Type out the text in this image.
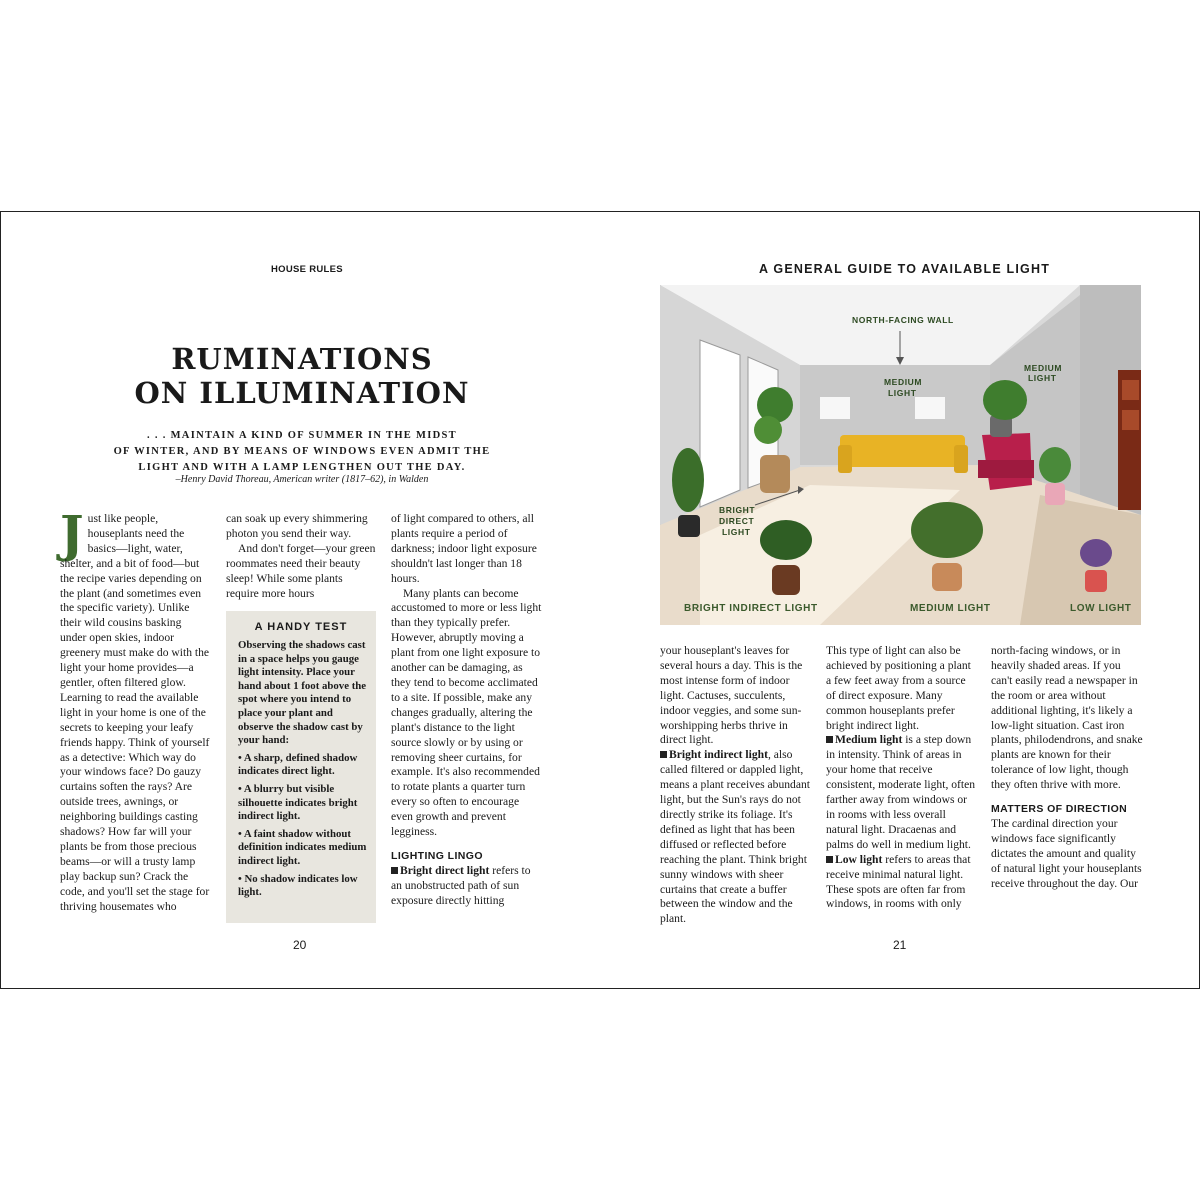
HOUSE RULES
RUMINATIONS
ON ILLUMINATION
. . . MAINTAIN A KIND OF SUMMER IN THE MIDST
OF WINTER, AND BY MEANS OF WINDOWS EVEN ADMIT THE
LIGHT AND WITH A LAMP LENGTHEN OUT THE DAY.
–Henry David Thoreau, American writer (1817–62), in Walden

Just like people, houseplants need the basics—light, water, shelter, and a bit of food—but the recipe varies depending on the plant (and sometimes even the specific variety). Unlike their wild cousins basking under open skies, indoor greenery must make do with the light your home provides—a gentler, often filtered glow. Learning to read the available light in your home is one of the secrets to keeping your leafy friends happy. Think of yourself as a detective: Which way do your windows face? Do gauzy curtains soften the rays? Are outside trees, awnings, or neighboring buildings casting shadows? How far will your plants be from those precious beams—or will a trusty lamp play backup sun? Crack the code, and you'll set the stage for thriving housemates who

can soak up every shimmering photon you send their way.

And don't forget—your green roommates need their beauty sleep! While some plants require more hours

A HANDY TEST
Observing the shadows cast in a space helps you gauge light intensity. Place your hand about 1 foot above the spot where you intend to place your plant and observe the shadow cast by your hand:
• A sharp, defined shadow indicates direct light.
• A blurry but visible silhouette indicates bright indirect light.
• A faint shadow without definition indicates medium indirect light.
• No shadow indicates low light.

of light compared to others, all plants require a period of darkness; indoor light exposure shouldn't last longer than 18 hours.

Many plants can become accustomed to more or less light than they typically prefer. However, abruptly moving a plant from one light exposure to another can be damaging, as they tend to become acclimated to a site. If possible, make any changes gradually, altering the plant's distance to the light source slowly or by using or removing sheer curtains, for example. It's also recommended to rotate plants a quarter turn every so often to encourage even growth and prevent legginess.

LIGHTING LINGO

Bright direct light refers to an unobstructed path of sun exposure directly hitting

20
A GENERAL GUIDE TO AVAILABLE LIGHT
NORTH-FACING WALL
MEDIUM
LIGHT
MEDIUM
LIGHT
BRIGHT
DIRECT
LIGHT
BRIGHT INDIRECT LIGHT	MEDIUM LIGHT	LOW LIGHT

your houseplant's leaves for several hours a day. This is the most intense form of indoor light. Cactuses, succulents, indoor veggies, and some sun-worshipping herbs thrive in direct light.

Bright indirect light, also called filtered or dappled light, means a plant receives abundant light, but the Sun's rays do not directly strike its foliage. It's defined as light that has been diffused or reflected before reaching the plant. Think bright sunny windows with sheer curtains that create a buffer between the window and the plant.

This type of light can also be achieved by positioning a plant a few feet away from a source of direct exposure. Many common houseplants prefer bright indirect light.

Medium light is a step down in intensity. Think of areas in your home that receive consistent, moderate light, often farther away from windows or in rooms with less overall natural light. Dracaenas and palms do well in medium light.

Low light refers to areas that receive minimal natural light. These spots are often far from windows, in rooms with only

north-facing windows, or in heavily shaded areas. If you can't easily read a newspaper in the room or area without additional lighting, it's likely a low-light situation. Cast iron plants, philodendrons, and snake plants are known for their tolerance of low light, though they often thrive with more.

MATTERS OF DIRECTION

The cardinal direction your windows face significantly dictates the amount and quality of natural light your houseplants receive throughout the day. Our

21
